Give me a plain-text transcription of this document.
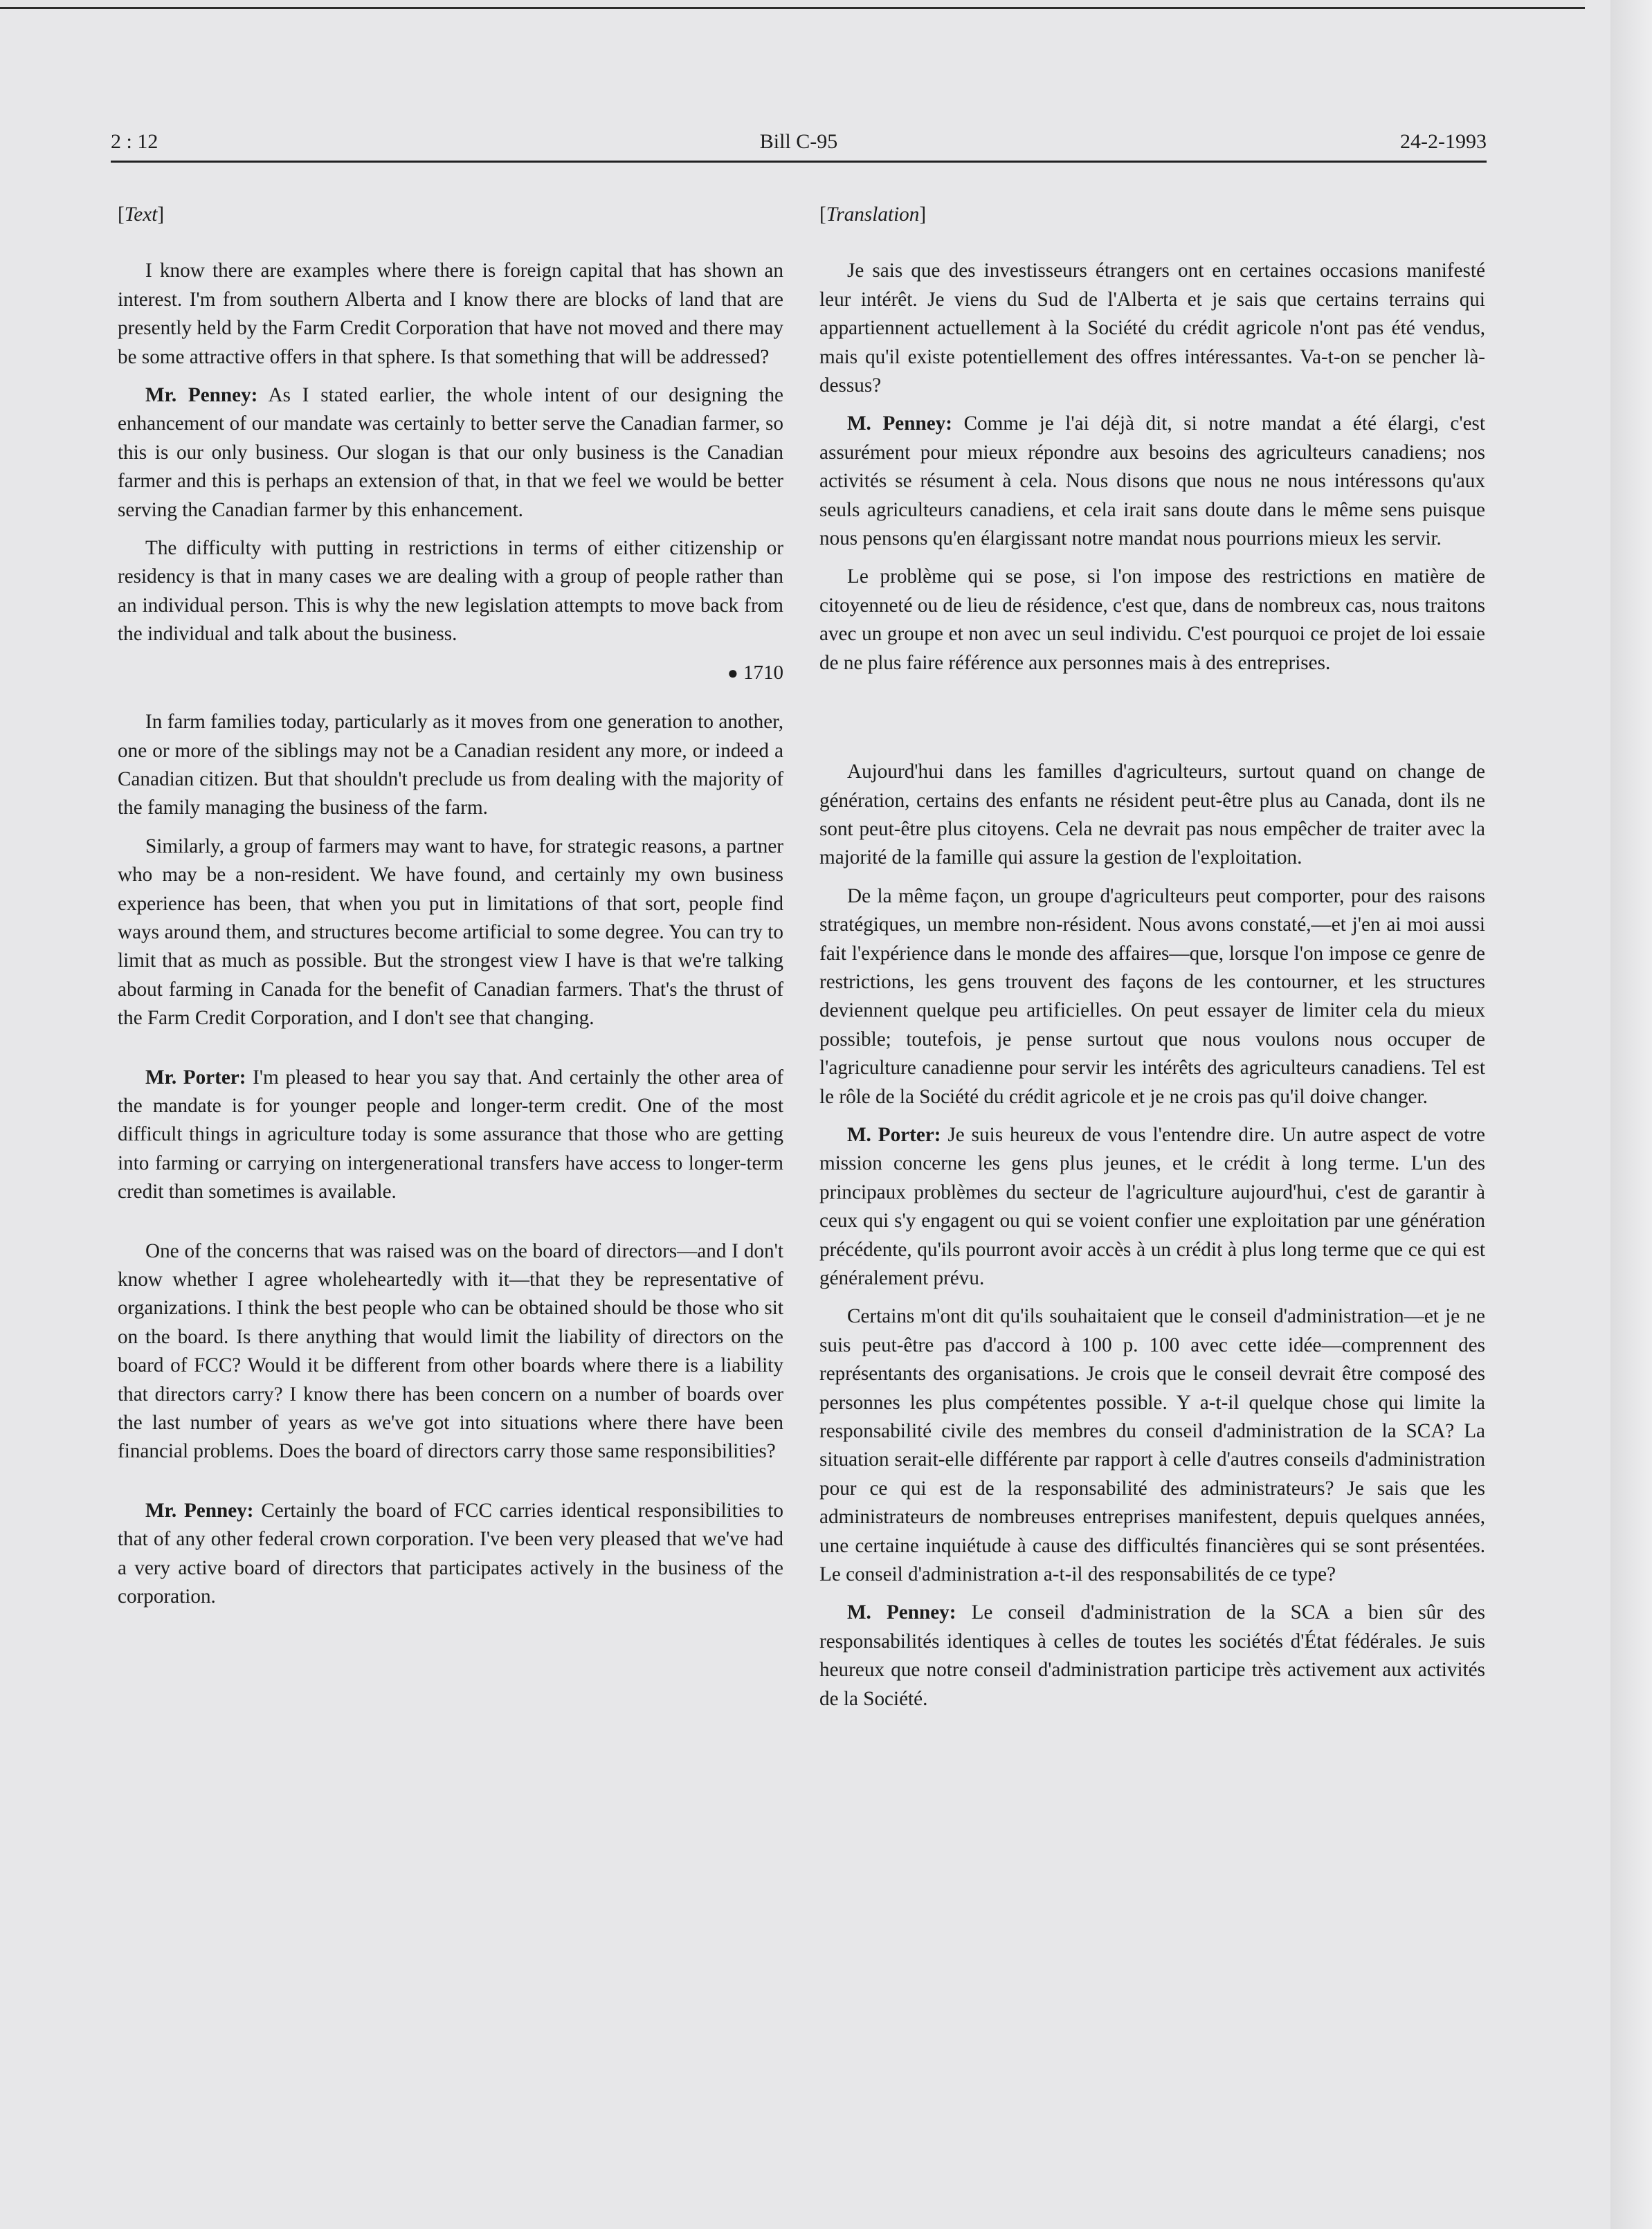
2 : 12	Bill C-95	24-2-1993
[Text]

I know there are examples where there is foreign capital that has shown an interest. I'm from southern Alberta and I know there are blocks of land that are presently held by the Farm Credit Corporation that have not moved and there may be some attractive offers in that sphere. Is that something that will be addressed?

Mr. Penney: As I stated earlier, the whole intent of our designing the enhancement of our mandate was certainly to better serve the Canadian farmer, so this is our only business. Our slogan is that our only business is the Canadian farmer and this is perhaps an extension of that, in that we feel we would be better serving the Canadian farmer by this enhancement.

The difficulty with putting in restrictions in terms of either citizenship or residency is that in many cases we are dealing with a group of people rather than an individual person. This is why the new legislation attempts to move back from the individual and talk about the business.

● 1710

In farm families today, particularly as it moves from one generation to another, one or more of the siblings may not be a Canadian resident any more, or indeed a Canadian citizen. But that shouldn't preclude us from dealing with the majority of the family managing the business of the farm.

Similarly, a group of farmers may want to have, for strategic reasons, a partner who may be a non-resident. We have found, and certainly my own business experience has been, that when you put in limitations of that sort, people find ways around them, and structures become artificial to some degree. You can try to limit that as much as possible. But the strongest view I have is that we're talking about farming in Canada for the benefit of Canadian farmers. That's the thrust of the Farm Credit Corporation, and I don't see that changing.

Mr. Porter: I'm pleased to hear you say that. And certainly the other area of the mandate is for younger people and longer-term credit. One of the most difficult things in agriculture today is some assurance that those who are getting into farming or carrying on intergenerational transfers have access to longer-term credit than sometimes is available.

One of the concerns that was raised was on the board of directors—and I don't know whether I agree wholeheartedly with it—that they be representative of organizations. I think the best people who can be obtained should be those who sit on the board. Is there anything that would limit the liability of directors on the board of FCC? Would it be different from other boards where there is a liability that directors carry? I know there has been concern on a number of boards over the last number of years as we've got into situations where there have been financial problems. Does the board of directors carry those same responsibilities?

Mr. Penney: Certainly the board of FCC carries identical responsibilities to that of any other federal crown corporation. I've been very pleased that we've had a very active board of directors that participates actively in the business of the corporation.

[Translation]

Je sais que des investisseurs étrangers ont en certaines occasions manifesté leur intérêt. Je viens du Sud de l'Alberta et je sais que certains terrains qui appartiennent actuellement à la Société du crédit agricole n'ont pas été vendus, mais qu'il existe potentiellement des offres intéressantes. Va-t-on se pencher là-dessus?

M. Penney: Comme je l'ai déjà dit, si notre mandat a été élargi, c'est assurément pour mieux répondre aux besoins des agriculteurs canadiens; nos activités se résument à cela. Nous disons que nous ne nous intéressons qu'aux seuls agriculteurs canadiens, et cela irait sans doute dans le même sens puisque nous pensons qu'en élargissant notre mandat nous pourrions mieux les servir.

Le problème qui se pose, si l'on impose des restrictions en matière de citoyenneté ou de lieu de résidence, c'est que, dans de nombreux cas, nous traitons avec un groupe et non avec un seul individu. C'est pourquoi ce projet de loi essaie de ne plus faire référence aux personnes mais à des entreprises.

Aujourd'hui dans les familles d'agriculteurs, surtout quand on change de génération, certains des enfants ne résident peut-être plus au Canada, dont ils ne sont peut-être plus citoyens. Cela ne devrait pas nous empêcher de traiter avec la majorité de la famille qui assure la gestion de l'exploitation.

De la même façon, un groupe d'agriculteurs peut comporter, pour des raisons stratégiques, un membre non-résident. Nous avons constaté,—et j'en ai moi aussi fait l'expérience dans le monde des affaires—que, lorsque l'on impose ce genre de restrictions, les gens trouvent des façons de les contourner, et les structures deviennent quelque peu artificielles. On peut essayer de limiter cela du mieux possible; toutefois, je pense surtout que nous voulons nous occuper de l'agriculture canadienne pour servir les intérêts des agriculteurs canadiens. Tel est le rôle de la Société du crédit agricole et je ne crois pas qu'il doive changer.

M. Porter: Je suis heureux de vous l'entendre dire. Un autre aspect de votre mission concerne les gens plus jeunes, et le crédit à long terme. L'un des principaux problèmes du secteur de l'agriculture aujourd'hui, c'est de garantir à ceux qui s'y engagent ou qui se voient confier une exploitation par une génération précédente, qu'ils pourront avoir accès à un crédit à plus long terme que ce qui est généralement prévu.

Certains m'ont dit qu'ils souhaitaient que le conseil d'administration—et je ne suis peut-être pas d'accord à 100 p. 100 avec cette idée—comprennent des représentants des organisations. Je crois que le conseil devrait être composé des personnes les plus compétentes possible. Y a-t-il quelque chose qui limite la responsabilité civile des membres du conseil d'administration de la SCA? La situation serait-elle différente par rapport à celle d'autres conseils d'administration pour ce qui est de la responsabilité des administrateurs? Je sais que les administrateurs de nombreuses entreprises manifestent, depuis quelques années, une certaine inquiétude à cause des difficultés financières qui se sont présentées. Le conseil d'administration a-t-il des responsabilités de ce type?

M. Penney: Le conseil d'administration de la SCA a bien sûr des responsabilités identiques à celles de toutes les sociétés d'État fédérales. Je suis heureux que notre conseil d'administration participe très activement aux activités de la Société.
